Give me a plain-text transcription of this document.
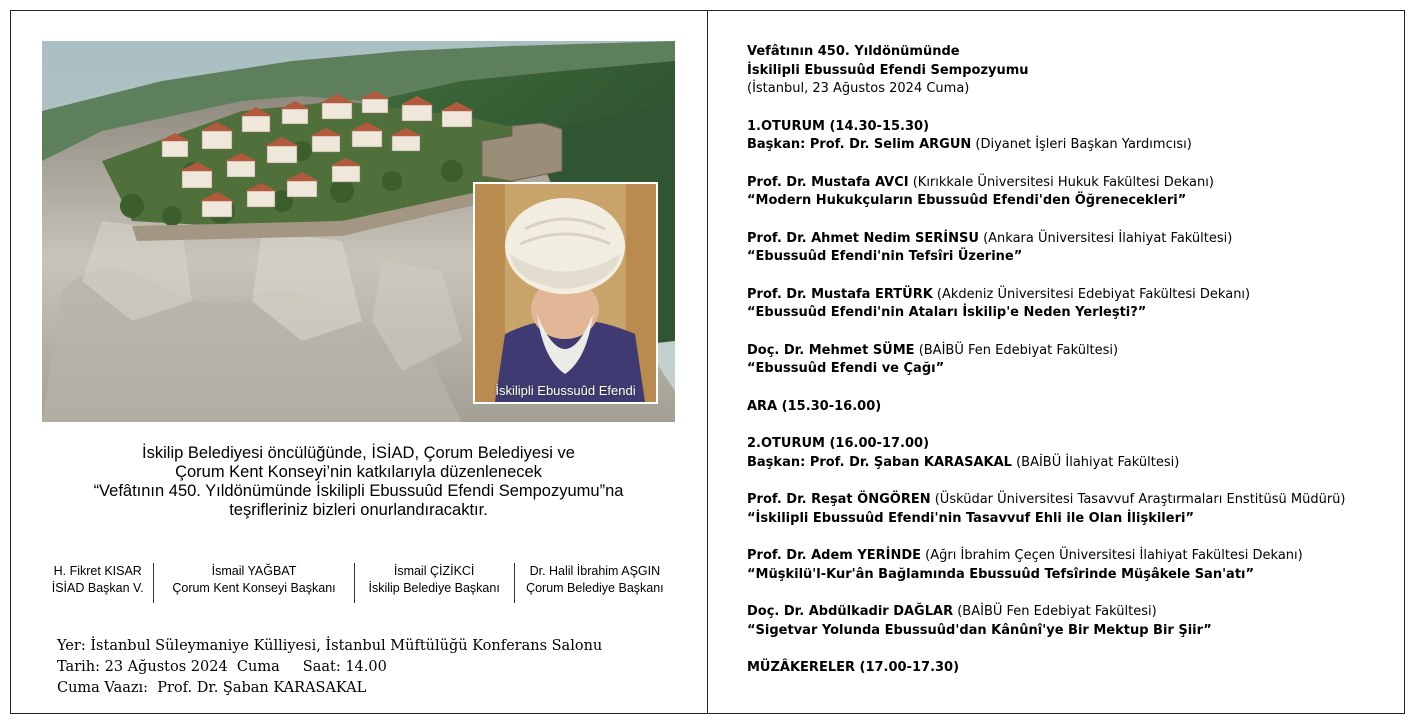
İskilipli Ebussuûd Efendi
İskilip Belediyesi öncülüğünde, İSİAD, Çorum Belediyesi ve
Çorum Kent Konseyi’nin katkılarıyla düzenlenecek
“Vefâtının 450. Yıldönümünde İskilipli Ebussuûd Efendi Sempozyumu”na
teşrifleriniz bizleri onurlandıracaktır.
H. Fikret KISAR
İSİAD Başkan V.
İsmail YAĞBAT
Çorum Kent Konseyi Başkanı
İsmail ÇİZİKCİ
İskilip Belediye Başkanı
Dr. Halil İbrahim AŞGIN
Çorum Belediye Başkanı
Yer: İstanbul Süleymaniye Külliyesi, İstanbul Müftülüğü Konferans Salonu
Tarih: 23 Ağustos 2024  Cuma     Saat: 14.00
Cuma Vaazı:  Prof. Dr. Şaban KARASAKAL
Vefâtının 450. Yıldönümünde
İskilipli Ebussuûd Efendi Sempozyumu
(İstanbul, 23 Ağustos 2024 Cuma)
1.OTURUM (14.30-15.30)
Başkan: Prof. Dr. Selim ARGUN (Diyanet İşleri Başkan Yardımcısı)
Prof. Dr. Mustafa AVCI (Kırıkkale Üniversitesi Hukuk Fakültesi Dekanı)
“Modern Hukukçuların Ebussuûd Efendi'den Öğrenecekleri”
Prof. Dr. Ahmet Nedim SERİNSU (Ankara Üniversitesi İlahiyat Fakültesi)
“Ebussuûd Efendi'nin Tefsîri Üzerine”
Prof. Dr. Mustafa ERTÜRK (Akdeniz Üniversitesi Edebiyat Fakültesi Dekanı)
“Ebussuûd Efendi'nin Ataları İskilip'e Neden Yerleşti?”
Doç. Dr. Mehmet SÜME (BAİBÜ Fen Edebiyat Fakültesi)
“Ebussuûd Efendi ve Çağı”
ARA (15.30-16.00)
2.OTURUM (16.00-17.00)
Başkan: Prof. Dr. Şaban KARASAKAL (BAİBÜ İlahiyat Fakültesi)
Prof. Dr. Reşat ÖNGÖREN (Üsküdar Üniversitesi Tasavvuf Araştırmaları Enstitüsü Müdürü)
“İskilipli Ebussuûd Efendi'nin Tasavvuf Ehli ile Olan İlişkileri”
Prof. Dr. Adem YERİNDE (Ağrı İbrahim Çeçen Üniversitesi İlahiyat Fakültesi Dekanı)
“Müşkilü'l-Kur'ân Bağlamında Ebussuûd Tefsîrinde Müşâkele San'atı”
Doç. Dr. Abdülkadir DAĞLAR (BAİBÜ Fen Edebiyat Fakültesi)
“Sigetvar Yolunda Ebussuûd'dan Kânûnî'ye Bir Mektup Bir Şiir”
MÜZÂKERELER (17.00-17.30)
